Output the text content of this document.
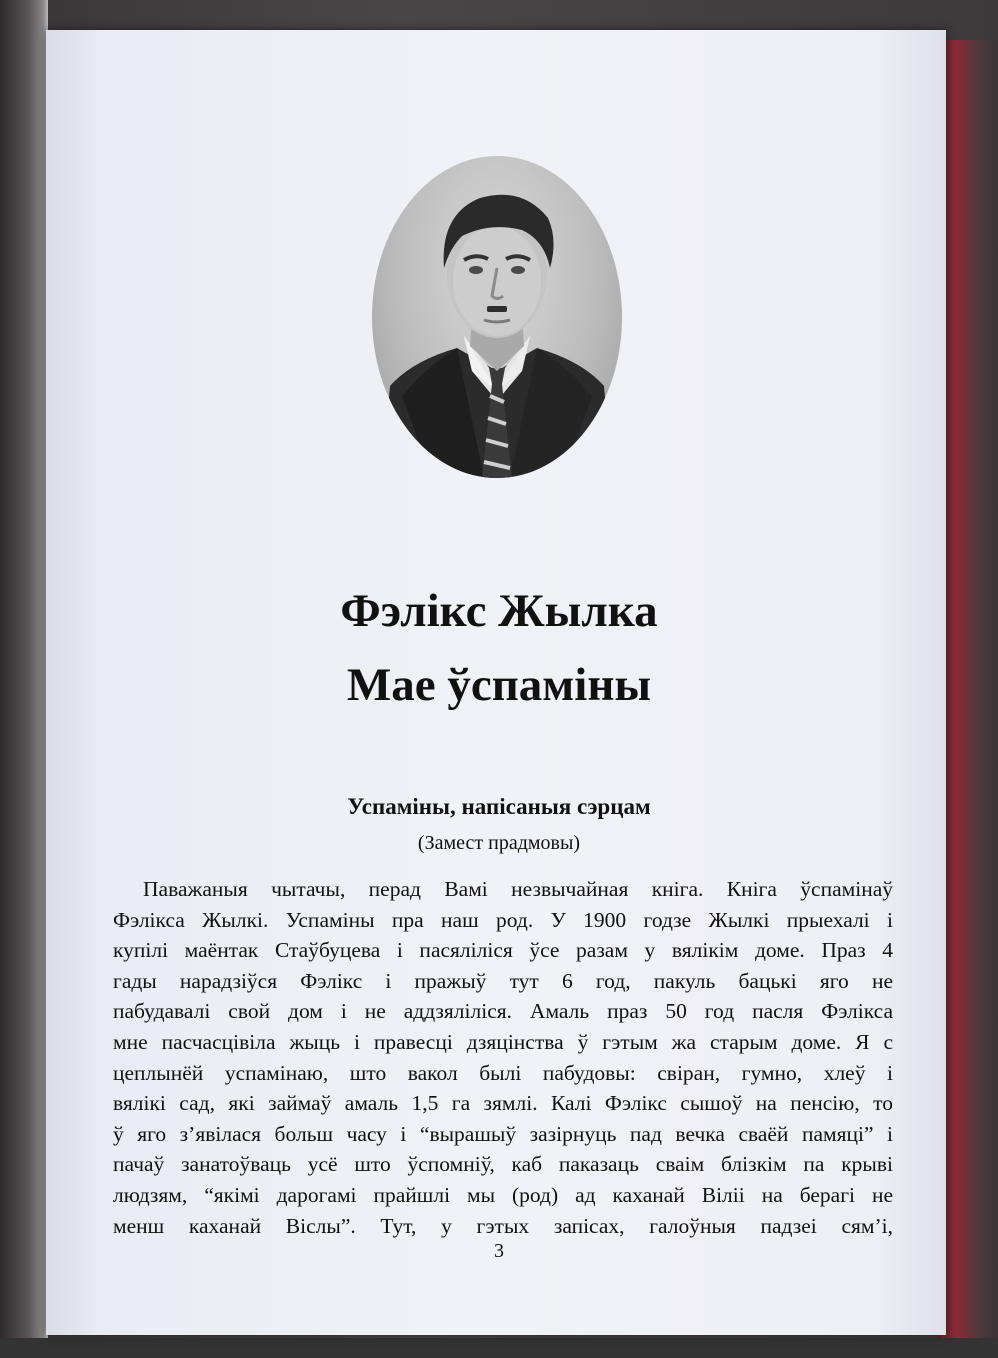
Фэлікс Жылка
Мае ўспаміны
Успаміны, напісаныя сэрцам
(Замест прадмовы)
Паважаныя чытачы, перад Вамі незвычайная кніга. Кніга ўспамінаў
Фэлікса Жылкі. Успаміны пра наш род. У 1900 годзе Жылкі прыехалі і
купілі маёнтак Стаўбуцева і пасяліліся ўсе разам у вялікім доме. Праз 4
гады нарадзіўся Фэлікс і пражыў тут 6 год, пакуль бацькі яго не
пабудавалі свой дом і не аддзяліліся. Амаль праз 50 год пасля Фэлікса
мне пасчасцівіла жыць і правесці дзяцінства ў гэтым жа старым доме. Я с
цеплынёй успамінаю, што вакол былі пабудовы: свіран, гумно, хлеў і
вялікі сад, які займаў амаль 1,5 га зямлі. Калі Фэлікс сышоў на пенсію, то
ў яго з’явілася больш часу і “вырашыў зазірнуць пад вечка сваёй памяці” і
пачаў занатоўваць усё што ўспомніў, каб паказаць сваім блізкім па крыві
людзям, “якімі дарогамі прайшлі мы (род) ад каханай Віліі на берагі не
менш каханай Віслы”. Тут, у гэтых запісах, галоўныя падзеі сям’і,
3
